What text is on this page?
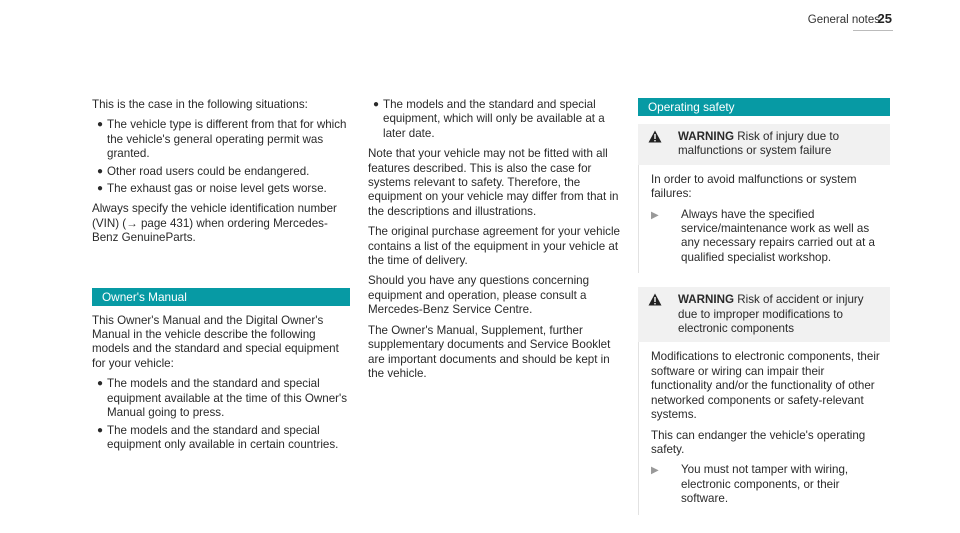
General notes
25

This is the case in the following situations:

● The vehicle type is different from that for which the vehicle's general operating permit was granted.
● Other road users could be endangered.
● The exhaust gas or noise level gets worse.

Always specify the vehicle identification number (VIN) (→ page 431) when ordering Mercedes-Benz GenuineParts.

Owner's Manual

This Owner's Manual and the Digital Owner's Manual in the vehicle describe the following models and the standard and special equipment for your vehicle:

● The models and the standard and special equipment available at the time of this Owner's Manual going to press.
● The models and the standard and special equipment only available in certain countries.
● The models and the standard and special equipment, which will only be available at a later date.

Note that your vehicle may not be fitted with all features described. This is also the case for systems relevant to safety. Therefore, the equipment on your vehicle may differ from that in the descriptions and illustrations.

The original purchase agreement for your vehicle contains a list of the equipment in your vehicle at the time of delivery.

Should you have any questions concerning equipment and operation, please consult a Mercedes-Benz Service Centre.

The Owner's Manual, Supplement, further supplementary documents and Service Booklet are important documents and should be kept in the vehicle.

Operating safety
WARNING Risk of injury due to malfunctions or system failure

In order to avoid malfunctions or system failures:

▶	Always have the specified service/maintenance work as well as any necessary repairs carried out at a qualified specialist workshop.
WARNING Risk of accident or injury due to improper modifications to electronic components

Modifications to electronic components, their software or wiring can impair their functionality and/or the functionality of other networked components or safety-relevant systems.

This can endanger the vehicle's operating safety.

▶	You must not tamper with wiring, electronic components, or their software.
